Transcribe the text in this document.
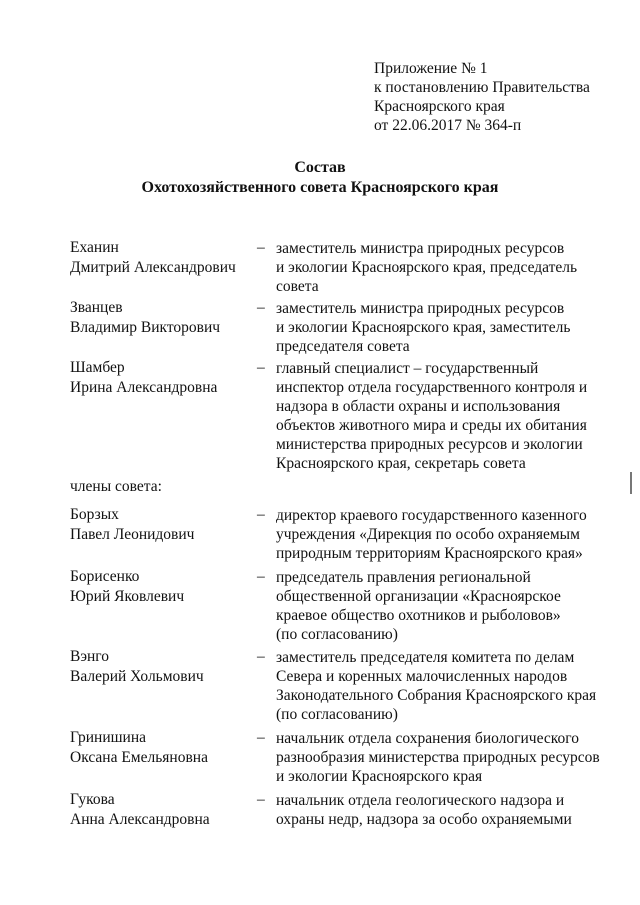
Приложение № 1
к постановлению Правительства
Красноярского края
от 22.06.2017 № 364-п
Состав
Охотохозяйственного совета Красноярского края
Еханин
Дмитрий Александрович
– заместитель министра природных ресурсов
и экологии Красноярского края, председатель
совета
Званцев
Владимир Викторович
– заместитель министра природных ресурсов
и экологии Красноярского края, заместитель
председателя совета
Шамбер
Ирина Александровна
– главный специалист – государственный
инспектор отдела государственного контроля и
надзора в области охраны и использования
объектов животного мира и среды их обитания
министерства природных ресурсов и экологии
Красноярского края, секретарь совета
члены совета:
Борзых
Павел Леонидович
– директор краевого государственного казенного
учреждения «Дирекция по особо охраняемым
природным территориям Красноярского края»
Борисенко
Юрий Яковлевич
– председатель правления региональной
общественной организации «Красноярское
краевое общество охотников и рыболовов»
(по согласованию)
Вэнго
Валерий Хольмович
– заместитель председателя комитета по делам
Севера и коренных малочисленных народов
Законодательного Собрания Красноярского края
(по согласованию)
Гринишина
Оксана Емельяновна
– начальник отдела сохранения биологического
разнообразия министерства природных ресурсов
и экологии Красноярского края
Гукова
Анна Александровна
– начальник отдела геологического надзора и
охраны недр, надзора за особо охраняемыми
